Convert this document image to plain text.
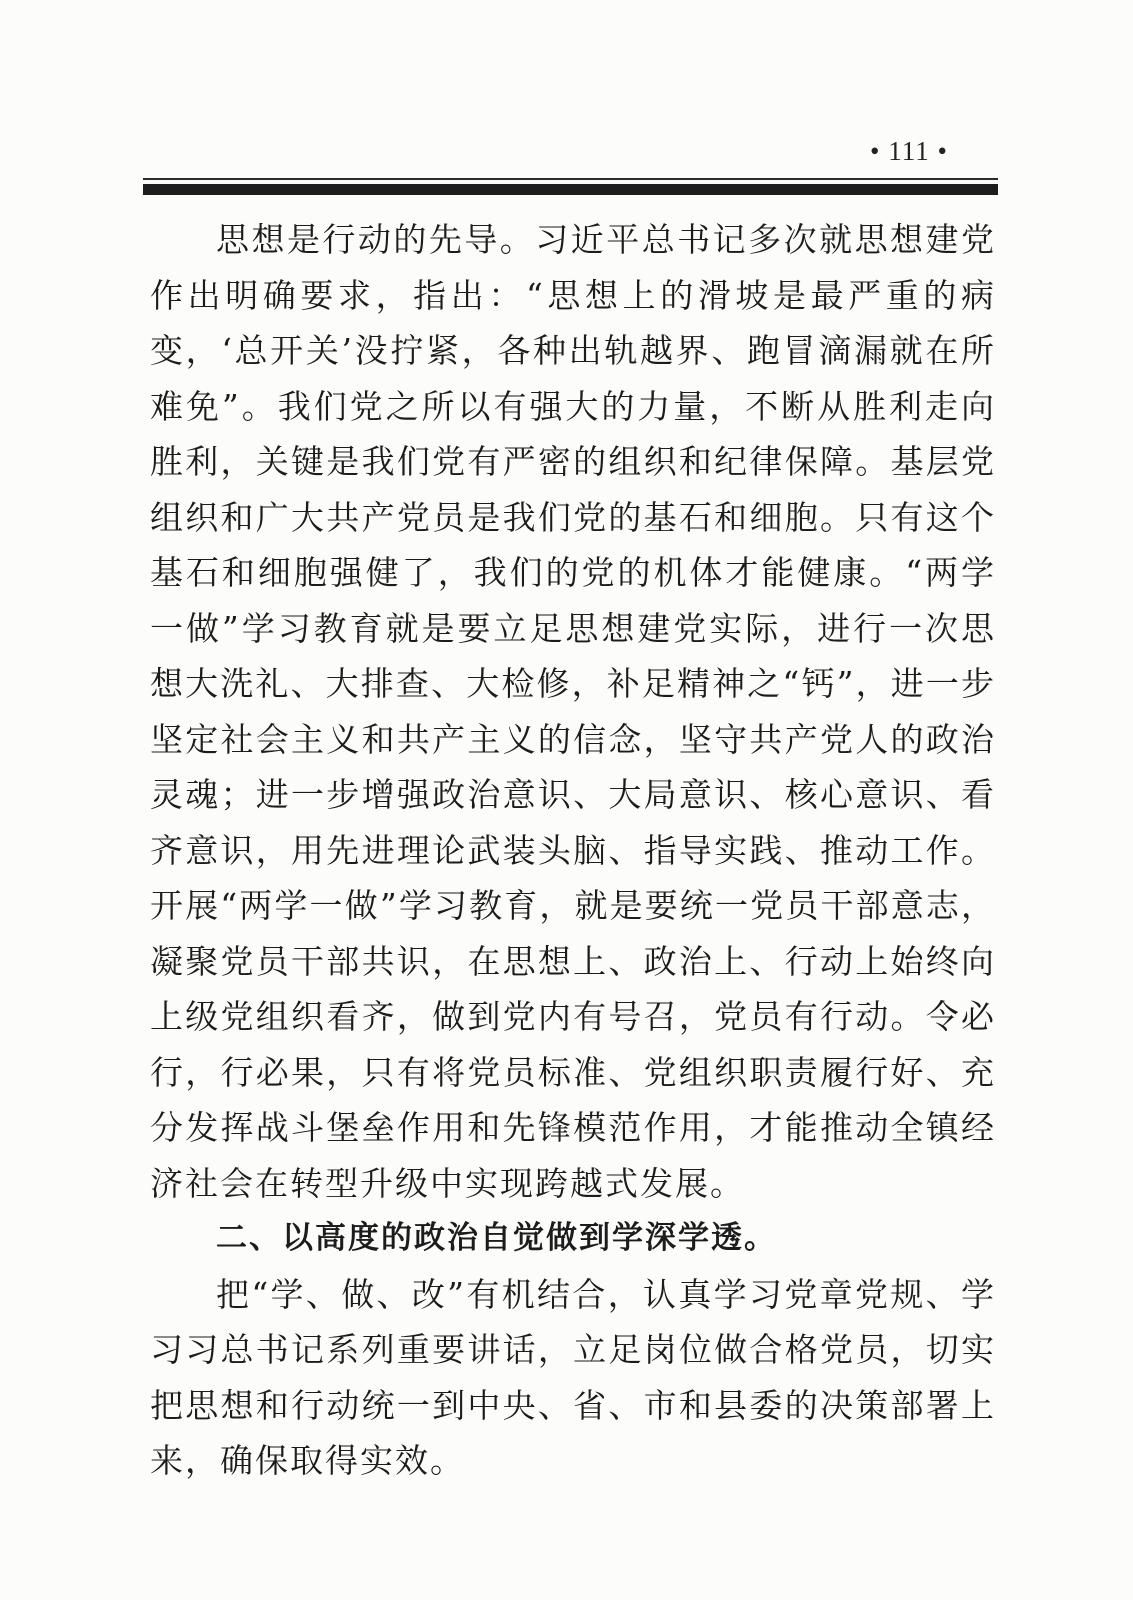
• 111 •

思想是行动的先导。习近平总书记多次就思想建党作出明确要求，指出：“思想上的滑坡是最严重的病变，‘总开关’没拧紧，各种出轨越界、跑冒滴漏就在所难免”。我们党之所以有强大的力量，不断从胜利走向胜利，关键是我们党有严密的组织和纪律保障。基层党组织和广大共产党员是我们党的基石和细胞。只有这个基石和细胞强健了，我们的党的机体才能健康。“两学一做”学习教育就是要立足思想建党实际，进行一次思想大洗礼、大排查、大检修，补足精神之“钙”，进一步坚定社会主义和共产主义的信念，坚守共产党人的政治灵魂；进一步增强政治意识、大局意识、核心意识、看齐意识，用先进理论武装头脑、指导实践、推动工作。开展“两学一做”学习教育，就是要统一党员干部意志，凝聚党员干部共识，在思想上、政治上、行动上始终向上级党组织看齐，做到党内有号召，党员有行动。令必行，行必果，只有将党员标准、党组织职责履行好、充分发挥战斗堡垒作用和先锋模范作用，才能推动全镇经济社会在转型升级中实现跨越式发展。

二、以高度的政治自觉做到学深学透。

把“学、做、改”有机结合，认真学习党章党规、学习习总书记系列重要讲话，立足岗位做合格党员，切实把思想和行动统一到中央、省、市和县委的决策部署上来，确保取得实效。
